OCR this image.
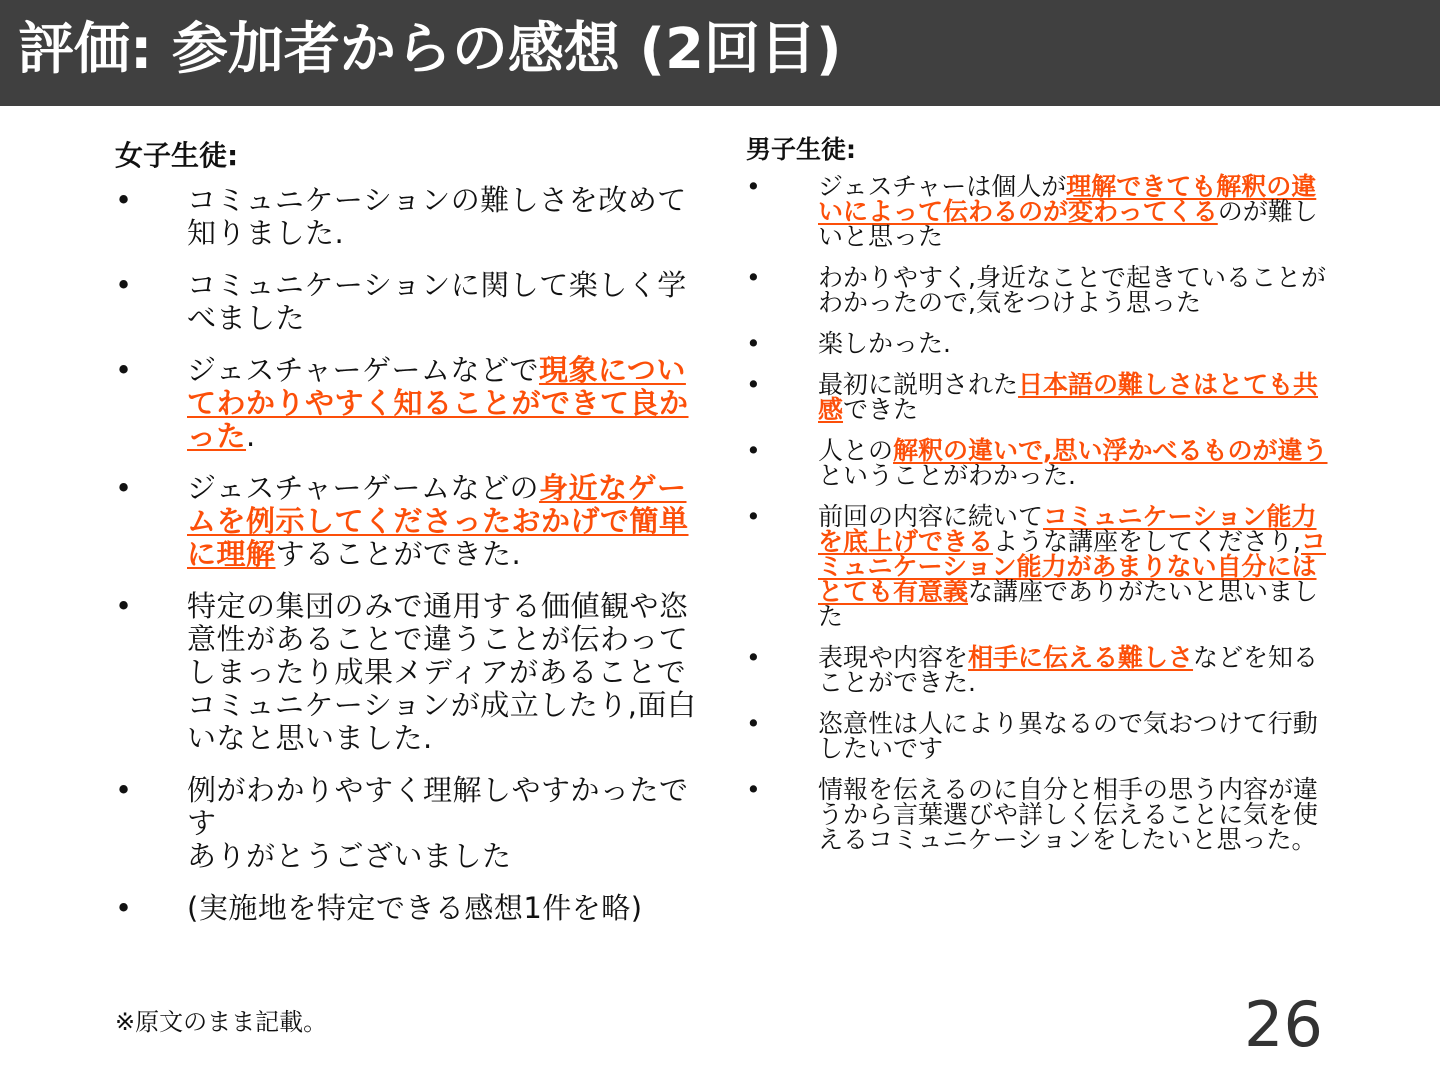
評価: 参加者からの感想 (2回目)
女子生徒:
• コミュニケーションの難しさを改めて知りました.
• コミュニケーションに関して楽しく学べました
• ジェスチャーゲームなどで現象についてわかりやすく知ることができて良かった.
• ジェスチャーゲームなどの身近なゲームを例示してくださったおかげで簡単に理解することができた.
• 特定の集団のみで通用する価値観や恣意性があることで違うことが伝わってしまったり成果メディアがあることでコミュニケーションが成立したり,面白いなと思いました.
• 例がわかりやすく理解しやすかったです
ありがとうございました
• (実施地を特定できる感想1件を略)
男子生徒:
• ジェスチャーは個人が理解できても解釈の違いによって伝わるのが変わってくるのが難しいと思った
• わかりやすく,身近なことで起きていることがわかったので,気をつけよう思った
• 楽しかった.
• 最初に説明された日本語の難しさはとても共感できた
• 人との解釈の違いで,思い浮かべるものが違うということがわかった.
• 前回の内容に続いてコミュニケーション能力を底上げできるような講座をしてくださり,コミュニケーション能力があまりない自分にはとても有意義な講座でありがたいと思いました
• 表現や内容を相手に伝える難しさなどを知ることができた.
• 恣意性は人により異なるので気おつけて行動したいです
• 情報を伝えるのに自分と相手の思う内容が違うから言葉選びや詳しく伝えることに気を使えるコミュニケーションをしたいと思った。
※原文のまま記載。	26
